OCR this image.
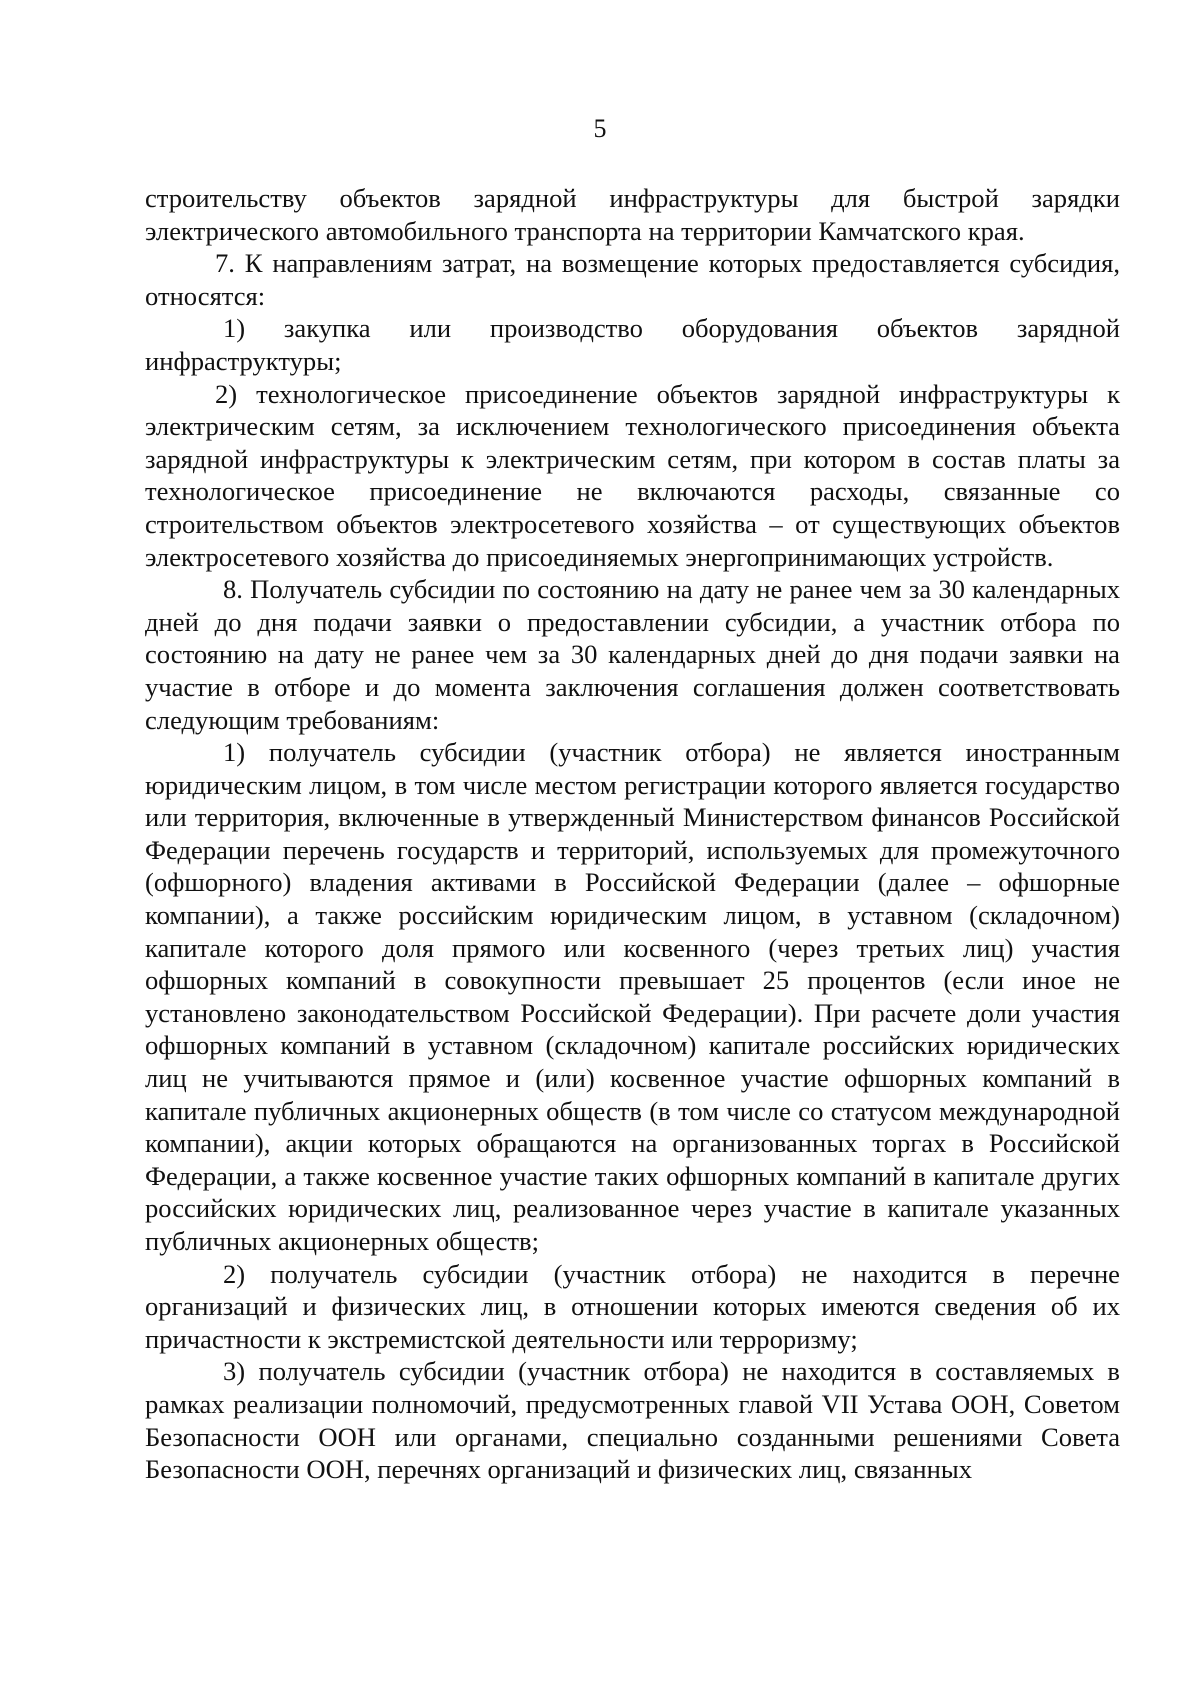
5

строительству объектов зарядной инфраструктуры для быстрой зарядки электрического автомобильного транспорта на территории Камчатского края.

7. К направлениям затрат, на возмещение которых предоставляется субсидия, относятся:

1) закупка или производство оборудования объектов зарядной инфраструктуры;

2) технологическое присоединение объектов зарядной инфраструктуры к электрическим сетям, за исключением технологического присоединения объекта зарядной инфраструктуры к электрическим сетям, при котором в состав платы за технологическое присоединение не включаются расходы, связанные со строительством объектов электросетевого хозяйства – от существующих объектов электросетевого хозяйства до присоединяемых энергопринимающих устройств.

8. Получатель субсидии по состоянию на дату не ранее чем за 30 календарных дней до дня подачи заявки о предоставлении субсидии, а участник отбора по состоянию на дату не ранее чем за 30 календарных дней до дня подачи заявки на участие в отборе и до момента заключения соглашения должен соответствовать следующим требованиям:

1) получатель субсидии (участник отбора) не является иностранным юридическим лицом, в том числе местом регистрации которого является государство или территория, включенные в утвержденный Министерством финансов Российской Федерации перечень государств и территорий, используемых для промежуточного (офшорного) владения активами в Российской Федерации (далее – офшорные компании), а также российским юридическим лицом, в уставном (складочном) капитале которого доля прямого или косвенного (через третьих лиц) участия офшорных компаний в совокупности превышает 25 процентов (если иное не установлено законодательством Российской Федерации). При расчете доли участия офшорных компаний в уставном (складочном) капитале российских юридических лиц не учитываются прямое и (или) косвенное участие офшорных компаний в капитале публичных акционерных обществ (в том числе со статусом международной компании), акции которых обращаются на организованных торгах в Российской Федерации, а также косвенное участие таких офшорных компаний в капитале других российских юридических лиц, реализованное через участие в капитале указанных публичных акционерных обществ;

2) получатель субсидии (участник отбора) не находится в перечне организаций и физических лиц, в отношении которых имеются сведения об их причастности к экстремистской деятельности или терроризму;

3) получатель субсидии (участник отбора) не находится в составляемых в рамках реализации полномочий, предусмотренных главой VII Устава ООН, Советом Безопасности ООН или органами, специально созданными решениями Совета Безопасности ООН, перечнях организаций и физических лиц, связанных
